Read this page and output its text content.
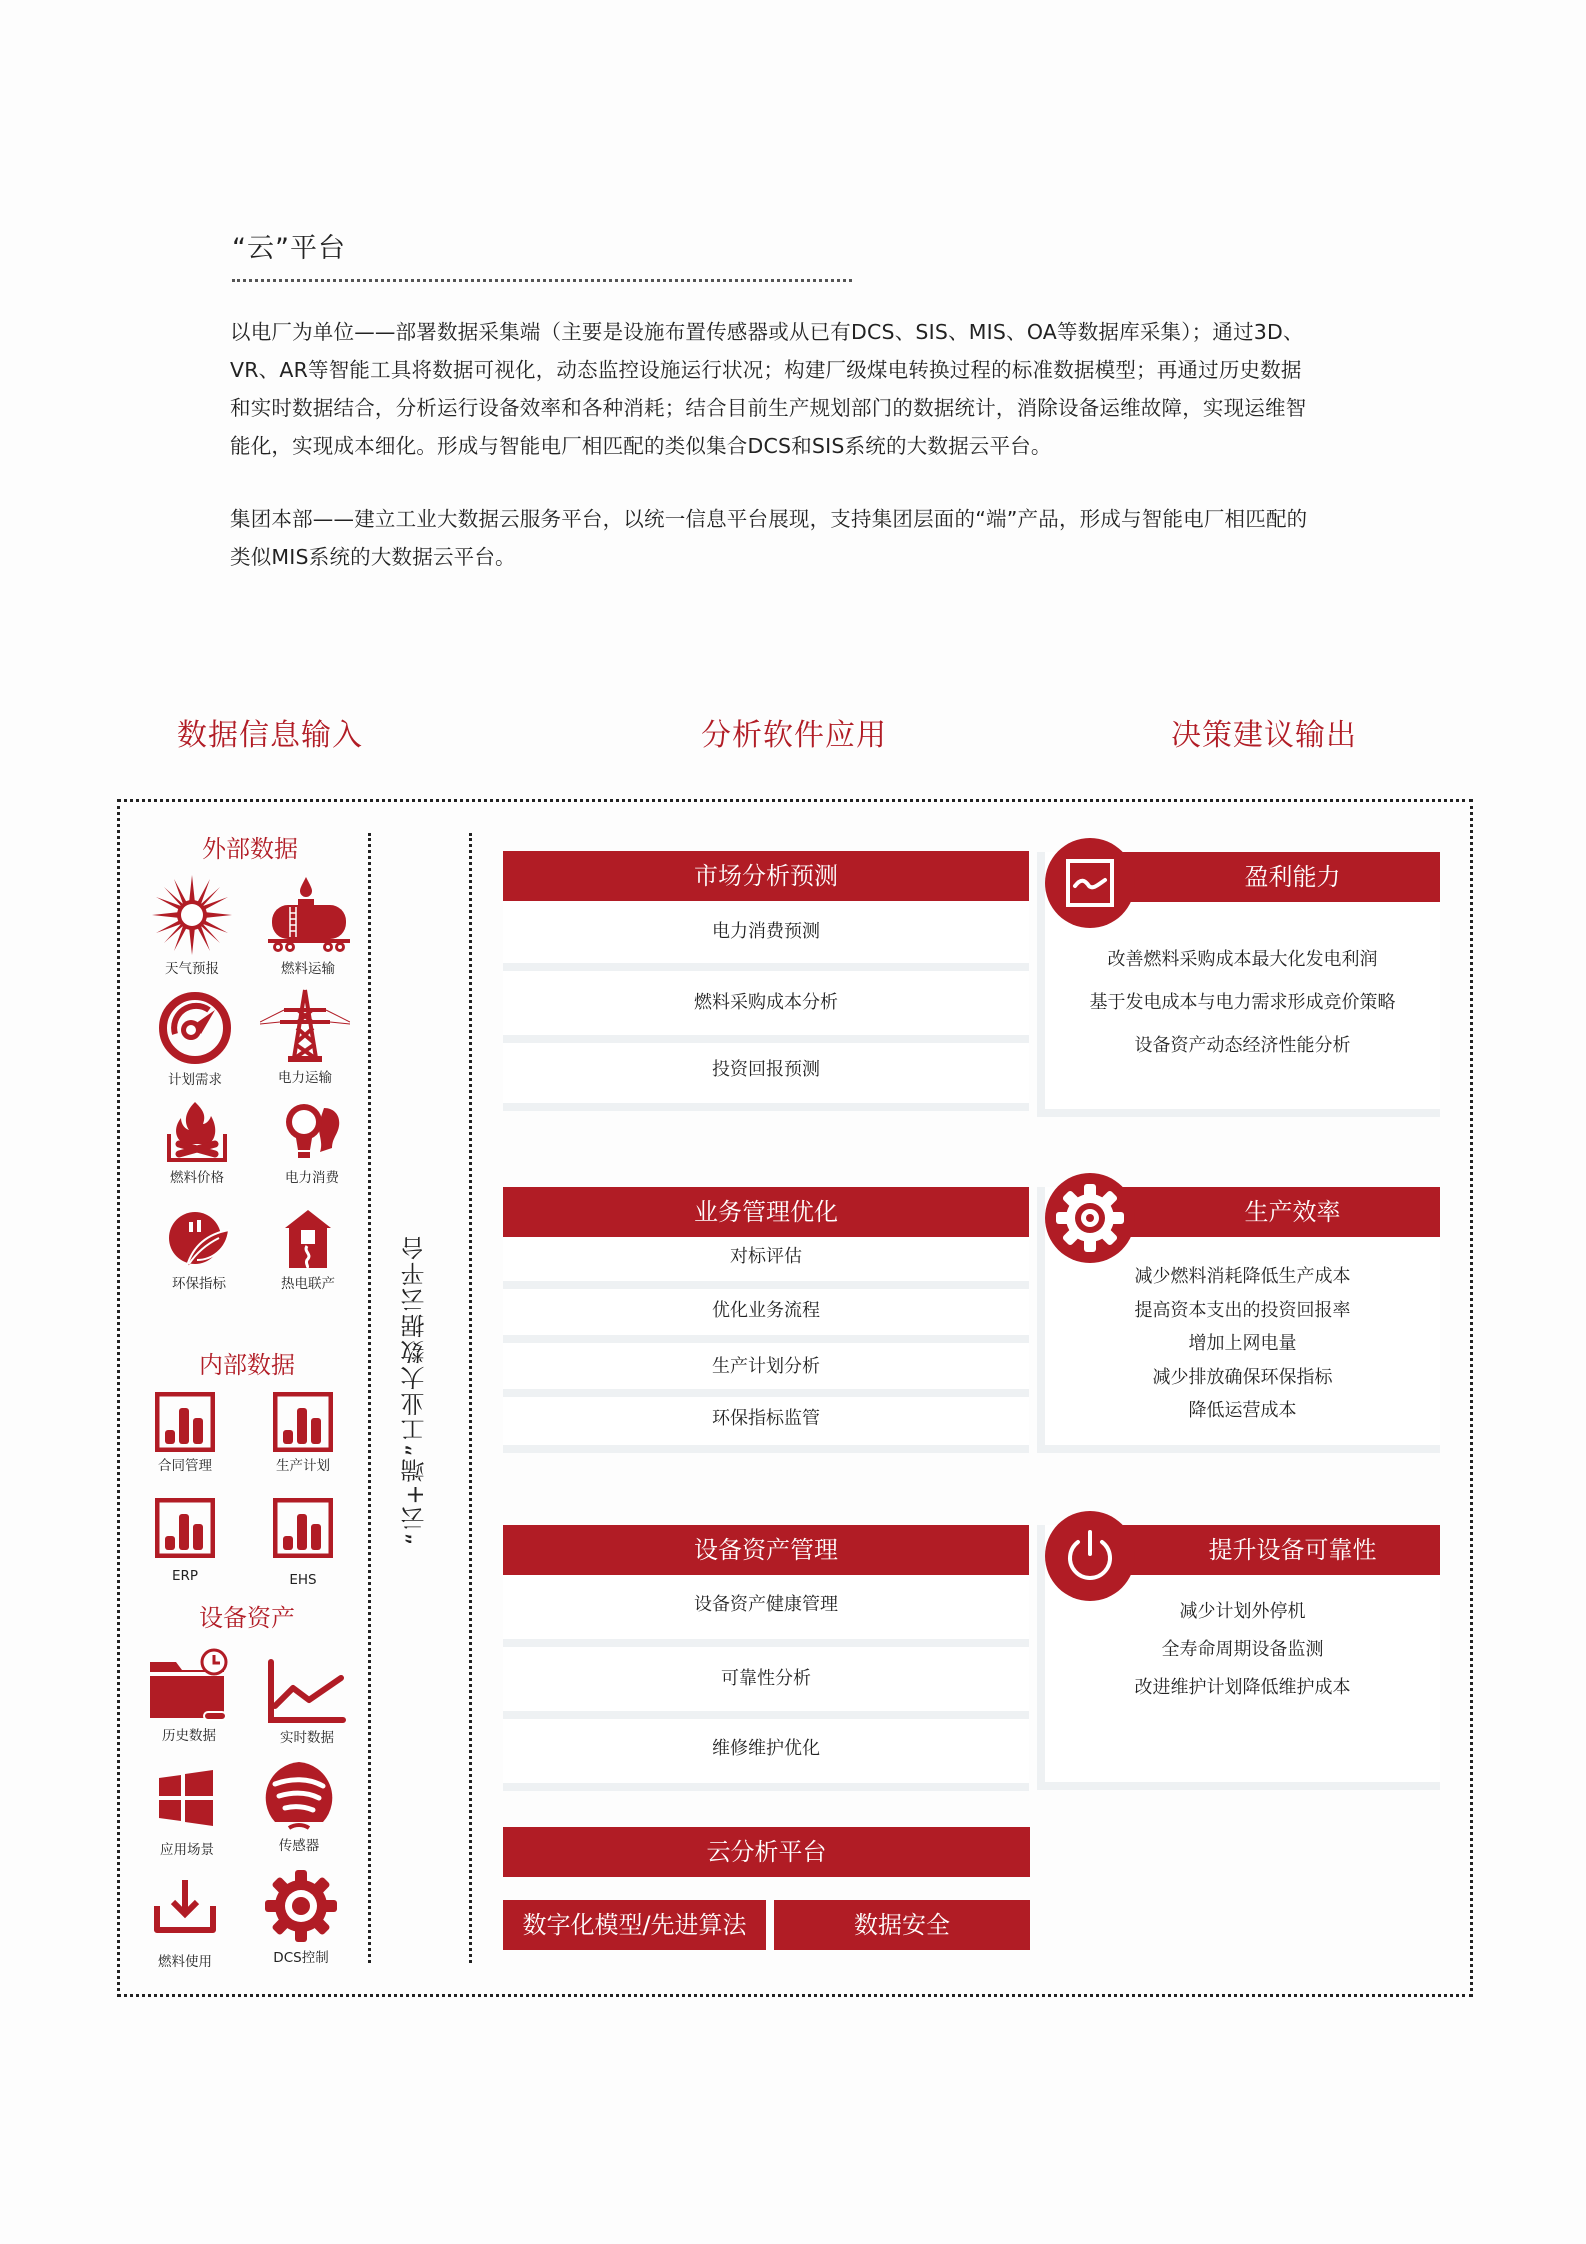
“云”平台
以电厂为单位——部署数据采集端（主要是设施布置传感器或从已有DCS、SIS、MIS、OA等数据库采集）；通过3D、VR、AR等智能工具将数据可视化，动态监控设施运行状况；构建厂级煤电转换过程的标准数据模型；再通过历史数据和实时数据结合，分析运行设备效率和各种消耗；结合目前生产规划部门的数据统计，消除设备运维故障，实现运维智能化，实现成本细化。形成与智能电厂相匹配的类似集合DCS和SIS系统的大数据云平台。
集团本部——建立工业大数据云服务平台，以统一信息平台展现，支持集团层面的“端”产品，形成与智能电厂相匹配的类似MIS系统的大数据云平台。
数据信息输入	分析软件应用	决策建议输出
外部数据
天气预报	燃料运输
计划需求	电力运输
燃料价格	电力消费
环保指标	热电联产
内部数据
合同管理	生产计划
ERP	EHS
设备资产
历史数据	实时数据
应用场景	传感器
燃料使用	DCS控制
“云+端”工业大数据云平台
市场分析预测
电力消费预测
燃料采购成本分析
投资回报预测
业务管理优化
对标评估
优化业务流程
生产计划分析
环保指标监管
设备资产管理
设备资产健康管理
可靠性分析
维修维护优化
盈利能力
改善燃料采购成本最大化发电利润
基于发电成本与电力需求形成竞价策略
设备资产动态经济性能分析
生产效率
减少燃料消耗降低生产成本
提高资本支出的投资回报率
增加上网电量
减少排放确保环保指标
降低运营成本
提升设备可靠性
减少计划外停机
全寿命周期设备监测
改进维护计划降低维护成本
云分析平台
数字化模型/先进算法	数据安全
